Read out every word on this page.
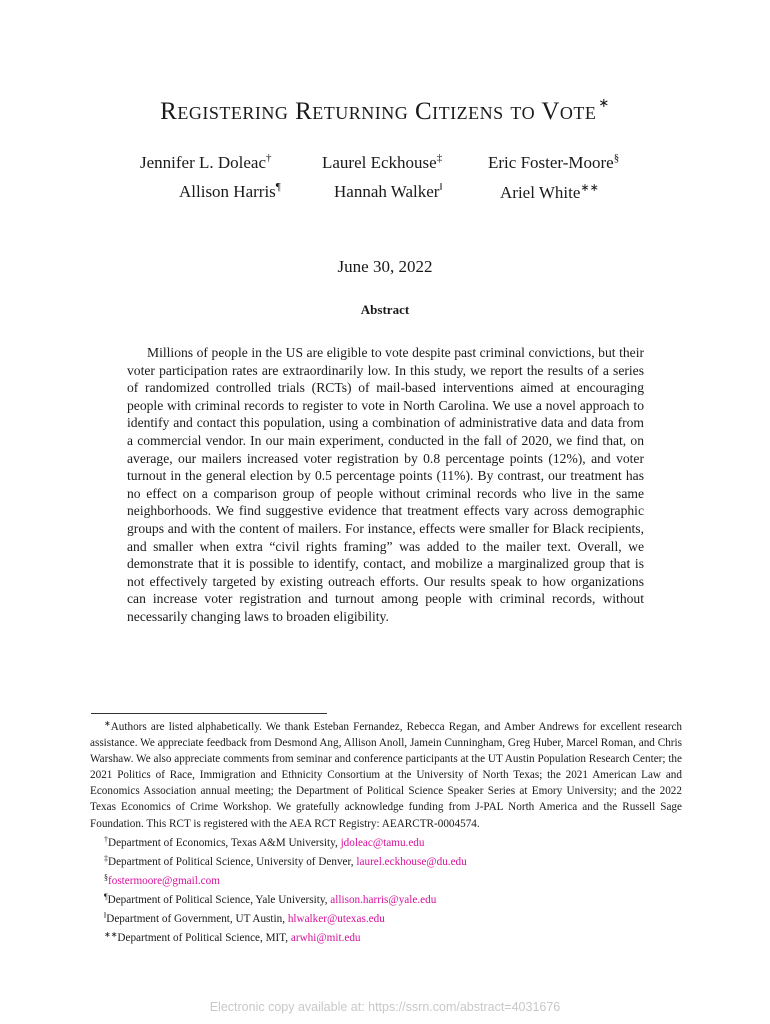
Registering Returning Citizens to Vote ∗
Jennifer L. Doleac†	Laurel Eckhouse‡	Eric Foster-Moore§
Allison Harris¶	Hannah Walker‖	Ariel White∗∗
June 30, 2022
Abstract

Millions of people in the US are eligible to vote despite past criminal convictions, but their voter participation rates are extraordinarily low. In this study, we report the results of a series of randomized controlled trials (RCTs) of mail-based interventions aimed at encouraging people with criminal records to register to vote in North Carolina. We use a novel approach to identify and contact this population, using a combination of administrative data and data from a commercial vendor. In our main experiment, conducted in the fall of 2020, we find that, on average, our mailers increased voter registration by 0.8 percentage points (12%), and voter turnout in the general election by 0.5 percentage points (11%). By contrast, our treatment has no effect on a comparison group of people without criminal records who live in the same neighborhoods. We find suggestive evidence that treatment effects vary across demographic groups and with the content of mailers. For instance, effects were smaller for Black recipients, and smaller when extra “civil rights framing” was added to the mailer text. Overall, we demonstrate that it is possible to identify, contact, and mobilize a marginalized group that is not effectively targeted by existing outreach efforts. Our results speak to how organizations can increase voter registration and turnout among people with criminal records, without necessarily changing laws to broaden eligibility.

∗Authors are listed alphabetically. We thank Esteban Fernandez, Rebecca Regan, and Amber Andrews for excellent research assistance. We appreciate feedback from Desmond Ang, Allison Anoll, Jamein Cunningham, Greg Huber, Marcel Roman, and Chris Warshaw. We also appreciate comments from seminar and conference participants at the UT Austin Population Research Center; the 2021 Politics of Race, Immigration and Ethnicity Consortium at the University of North Texas; the 2021 American Law and Economics Association annual meeting; the Department of Political Science Speaker Series at Emory University; and the 2022 Texas Economics of Crime Workshop. We gratefully acknowledge funding from J-PAL North America and the Russell Sage Foundation. This RCT is registered with the AEA RCT Registry: AEARCTR-0004574.

†Department of Economics, Texas A&M University, jdoleac@tamu.edu

‡Department of Political Science, University of Denver, laurel.eckhouse@du.edu

§fostermoore@gmail.com

¶Department of Political Science, Yale University, allison.harris@yale.edu

‖Department of Government, UT Austin, hlwalker@utexas.edu

∗∗Department of Political Science, MIT, arwhi@mit.edu

Electronic copy available at: https://ssrn.com/abstract=4031676
